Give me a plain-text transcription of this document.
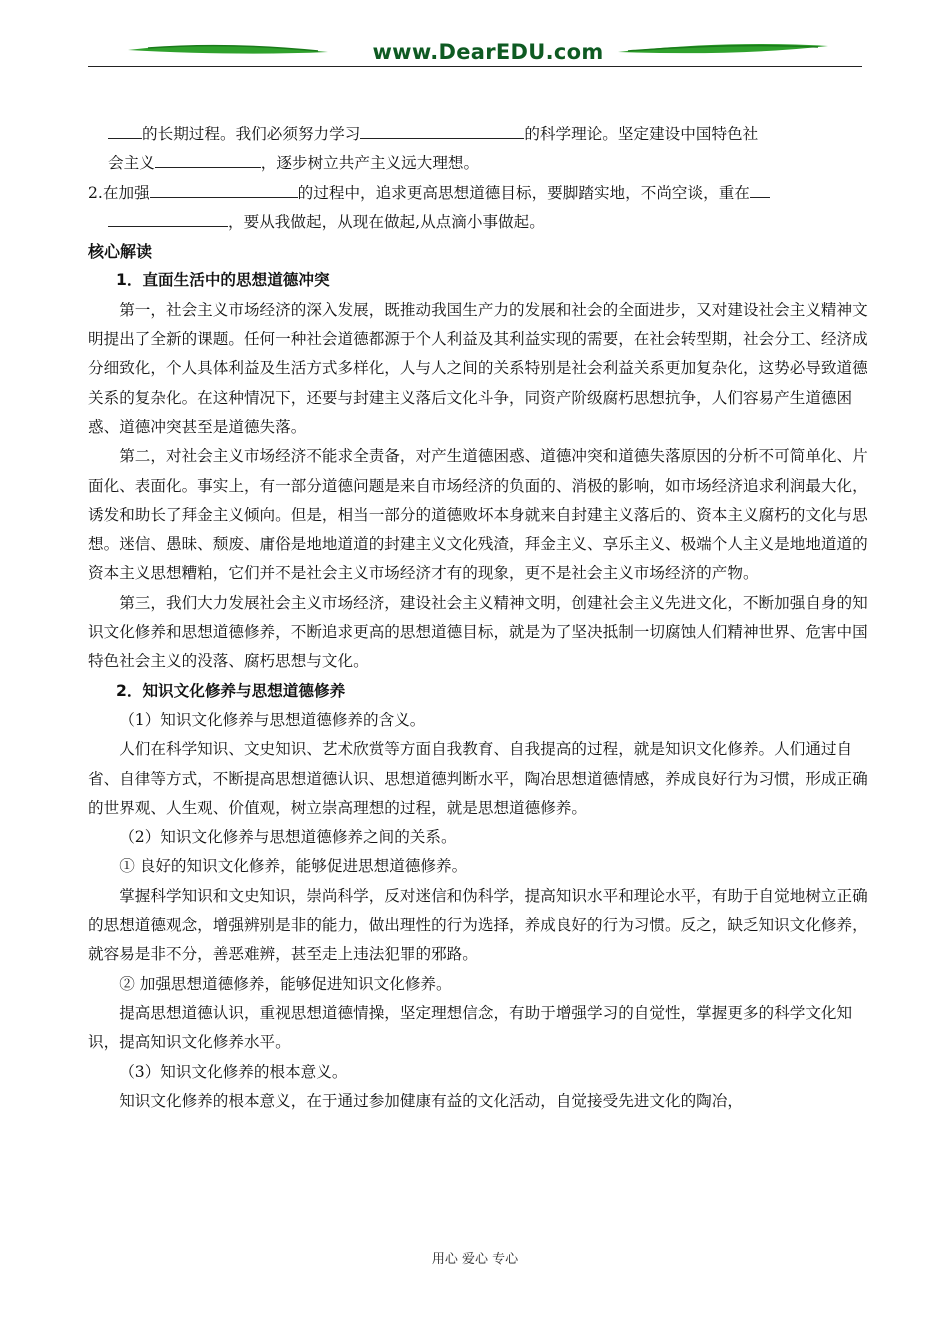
www.DearEDU.com

的长期过程。我们必须努力学习	的科学理论。坚定建设中国特色社

会主义	，逐步树立共产主义远大理想。

2.在加强	的过程中，追求更高思想道德目标，要脚踏实地，不尚空谈，重在

，要从我做起，从现在做起,从点滴小事做起。

核心解读

1．直面生活中的思想道德冲突

第一，社会主义市场经济的深入发展，既推动我国生产力的发展和社会的全面进步，又对建设社会主义精神文明提出了全新的课题。任何一种社会道德都源于个人利益及其利益实现的需要，在社会转型期，社会分工、经济成分细致化，个人具体利益及生活方式多样化，人与人之间的关系特别是社会利益关系更加复杂化，这势必导致道德关系的复杂化。在这种情况下，还要与封建主义落后文化斗争，同资产阶级腐朽思想抗争，人们容易产生道德困惑、道德冲突甚至是道德失落。

第二，对社会主义市场经济不能求全责备，对产生道德困惑、道德冲突和道德失落原因的分析不可简单化、片面化、表面化。事实上，有一部分道德问题是来自市场经济的负面的、消极的影响，如市场经济追求利润最大化，诱发和助长了拜金主义倾向。但是，相当一部分的道德败坏本身就来自封建主义落后的、资本主义腐朽的文化与思想。迷信、愚昧、颓废、庸俗是地地道道的封建主义文化残渣，拜金主义、享乐主义、极端个人主义是地地道道的资本主义思想糟粕，它们并不是社会主义市场经济才有的现象，更不是社会主义市场经济的产物。

第三，我们大力发展社会主义市场经济，建设社会主义精神文明，创建社会主义先进文化，不断加强自身的知识文化修养和思想道德修养，不断追求更高的思想道德目标，就是为了坚决抵制一切腐蚀人们精神世界、危害中国特色社会主义的没落、腐朽思想与文化。

2．知识文化修养与思想道德修养

（1）知识文化修养与思想道德修养的含义。

人们在科学知识、文史知识、艺术欣赏等方面自我教育、自我提高的过程，就是知识文化修养。人们通过自省、自律等方式，不断提高思想道德认识、思想道德判断水平，陶冶思想道德情感，养成良好行为习惯，形成正确的世界观、人生观、价值观，树立崇高理想的过程，就是思想道德修养。

（2）知识文化修养与思想道德修养之间的关系。

① 良好的知识文化修养，能够促进思想道德修养。

掌握科学知识和文史知识，崇尚科学，反对迷信和伪科学，提高知识水平和理论水平，有助于自觉地树立正确的思想道德观念，增强辨别是非的能力，做出理性的行为选择，养成良好的行为习惯。反之，缺乏知识文化修养，就容易是非不分，善恶难辨，甚至走上违法犯罪的邪路。

② 加强思想道德修养，能够促进知识文化修养。

提高思想道德认识，重视思想道德情操，坚定理想信念，有助于增强学习的自觉性，掌握更多的科学文化知识，提高知识文化修养水平。

（3）知识文化修养的根本意义。

知识文化修养的根本意义，在于通过参加健康有益的文化活动，自觉接受先进文化的陶冶，

用心 爱心 专心
